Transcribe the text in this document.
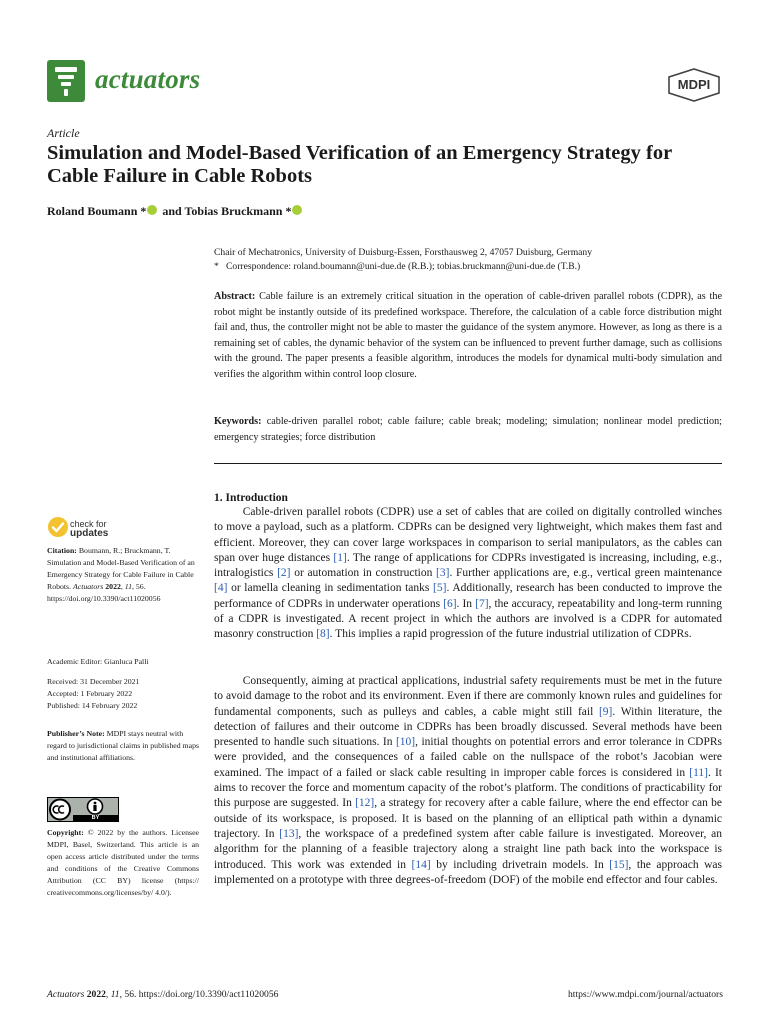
actuators	MDPI
Article
Simulation and Model-Based Verification of an Emergency Strategy for Cable Failure in Cable Robots
Roland Boumann * and Tobias Bruckmann *
Chair of Mechatronics, University of Duisburg-Essen, Forsthausweg 2, 47057 Duisburg, Germany
*   Correspondence: roland.boumann@uni-due.de (R.B.); tobias.bruckmann@uni-due.de (T.B.)
Abstract: Cable failure is an extremely critical situation in the operation of cable-driven parallel robots (CDPR), as the robot might be instantly outside of its predefined workspace. Therefore, the calculation of a cable force distribution might fail and, thus, the controller might not be able to master the guidance of the system anymore. However, as long as there is a remaining set of cables, the dynamic behavior of the system can be influenced to prevent further damage, such as collisions with the ground. The paper presents a feasible algorithm, introduces the models for dynamical multi-body simulation and verifies the algorithm within control loop closure.
Keywords: cable-driven parallel robot; cable failure; cable break; modeling; simulation; nonlinear model prediction; emergency strategies; force distribution
check for
updates
Citation: Boumann, R.; Bruckmann, T. Simulation and Model-Based Verification of an Emergency Strategy for Cable Failure in Cable Robots. Actuators 2022, 11, 56. https://doi.org/10.3390/act11020056
Academic Editor: Gianluca Palli
Received: 31 December 2021
Accepted: 1 February 2022
Published: 14 February 2022
Publisher’s Note: MDPI stays neutral with regard to jurisdictional claims in published maps and institutional affiliations.
BY
Copyright: © 2022 by the authors. Licensee MDPI, Basel, Switzerland. This article is an open access article distributed under the terms and conditions of the Creative Commons Attribution (CC BY) license (https:// creativecommons.org/licenses/by/ 4.0/).
1. Introduction
   Cable-driven parallel robots (CDPR) use a set of cables that are coiled on digitally controlled winches to move a payload, such as a platform. CDPRs can be designed very lightweight, which makes them fast and efficient. Moreover, they can cover large workspaces in comparison to serial manipulators, as the cables can span over huge distances [1]. The range of applications for CDPRs investigated is increasing, including, e.g., intralogistics [2] or automation in construction [3]. Further applications are, e.g., vertical green maintenance [4] or lamella cleaning in sedimentation tanks [5]. Additionally, research has been conducted to improve the performance of CDPRs in underwater operations [6]. In [7], the accuracy, repeatability and long-term running of a CDPR is investigated. A recent project in which the authors are involved is a CDPR for automated masonry construction [8]. This implies a rapid progression of the future industrial utilization of CDPRs.
   Consequently, aiming at practical applications, industrial safety requirements must be met in the future to avoid damage to the robot and its environment. Even if there are commonly known rules and guidelines for fundamental components, such as pulleys and cables, a cable might still fail [9]. Within literature, the detection of failures and their outcome in CDPRs has been broadly discussed. Several methods have been presented to handle such situations. In [10], initial thoughts on potential errors and error tolerance in CDPRs were provided, and the consequences of a failed cable on the nullspace of the robot’s Jacobian were examined. The impact of a failed or slack cable resulting in improper cable forces is considered in [11]. It aims to recover the force and momentum capacity of the robot’s platform. The conditions of practicability for this purpose are suggested. In [12], a strategy for recovery after a cable failure, where the end effector can be outside of its workspace, is proposed. It is based on the planning of an elliptical path within a dynamic trajectory. In [13], the workspace of a predefined system after cable failure is investigated. Moreover, an algorithm for the planning of a feasible trajectory along a straight line path back into the workspace is introduced. This work was extended in [14] by including drivetrain models. In [15], the approach was implemented on a prototype with three degrees-of-freedom (DOF) of the mobile end effector and four cables.
Actuators 2022, 11, 56. https://doi.org/10.3390/act11020056	https://www.mdpi.com/journal/actuators
